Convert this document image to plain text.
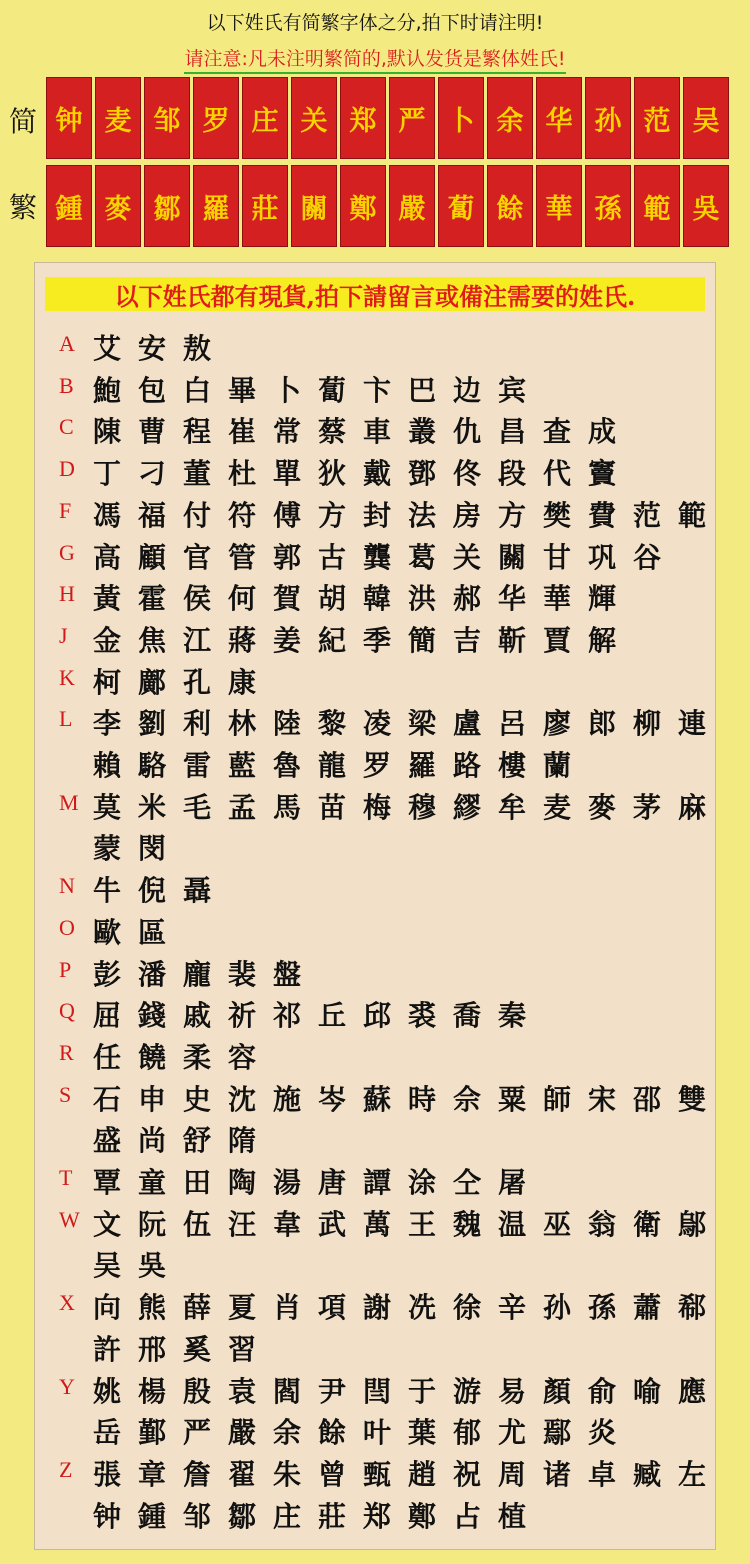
以下姓氏有简繁字体之分,拍下时请注明!
请注意:凡未注明繁简的,默认发货是繁体姓氏!
简 钟 麦 邹 罗 庄 关 郑 严 卜 余 华 孙 范 吴
繁 鍾 麥 鄒 羅 莊 關 鄭 嚴 蔔 餘 華 孫 範 吳
以下姓氏都有現貨,拍下請留言或備注需要的姓氏.
A
B
C
D
F
G
H
J
K
L
M
N
O
P
Q
R
S
T
W
X
Y
Z
艾 安 敖
鮑 包 白 畢 卜 蔔 卞 巴 边 宾
陳 曹 程 崔 常 蔡 車 叢 仇 昌 查 成
丁 刁 董 杜 單 狄 戴 鄧 佟 段 代 竇
馮 福 付 符 傅 方 封 法 房 方 樊 費 范 範
高 顧 官 管 郭 古 龔 葛 关 關 甘 巩 谷
黃 霍 侯 何 賀 胡 韓 洪 郝 华 華 輝
金 焦 江 蔣 姜 紀 季 簡 吉 靳 賈 解
柯 鄺 孔 康
李 劉 利 林 陸 黎 凌 梁 盧 呂 廖 郎 柳 連
賴 駱 雷 藍 魯 龍 罗 羅 路 樓 蘭
莫 米 毛 孟 馬 苗 梅 穆 繆 牟 麦 麥 茅 麻
蒙 閔
牛 倪 聶
歐 區
彭 潘 龐 裴 盤
屈 錢 戚 祈 祁 丘 邱 裘 喬 秦
任 饒 柔 容
石 申 史 沈 施 岑 蘇 時 佘 粟 師 宋 邵 雙
盛 尚 舒 隋
覃 童 田 陶 湯 唐 譚 涂 仝 屠
文 阮 伍 汪 韋 武 萬 王 魏 温 巫 翁 衛 鄔
吴 吳
向 熊 薛 夏 肖 項 謝 冼 徐 辛 孙 孫 蕭 郗
許 邢 奚 習
姚 楊 殷 袁 閻 尹 閆 于 游 易 顏 俞 喻 應
岳 鄞 严 嚴 余 餘 叶 葉 郁 尤 鄢 炎
張 章 詹 翟 朱 曾 甄 趙 祝 周 诸 卓 臧 左
钟 鍾 邹 鄒 庄 莊 郑 鄭 占 植
